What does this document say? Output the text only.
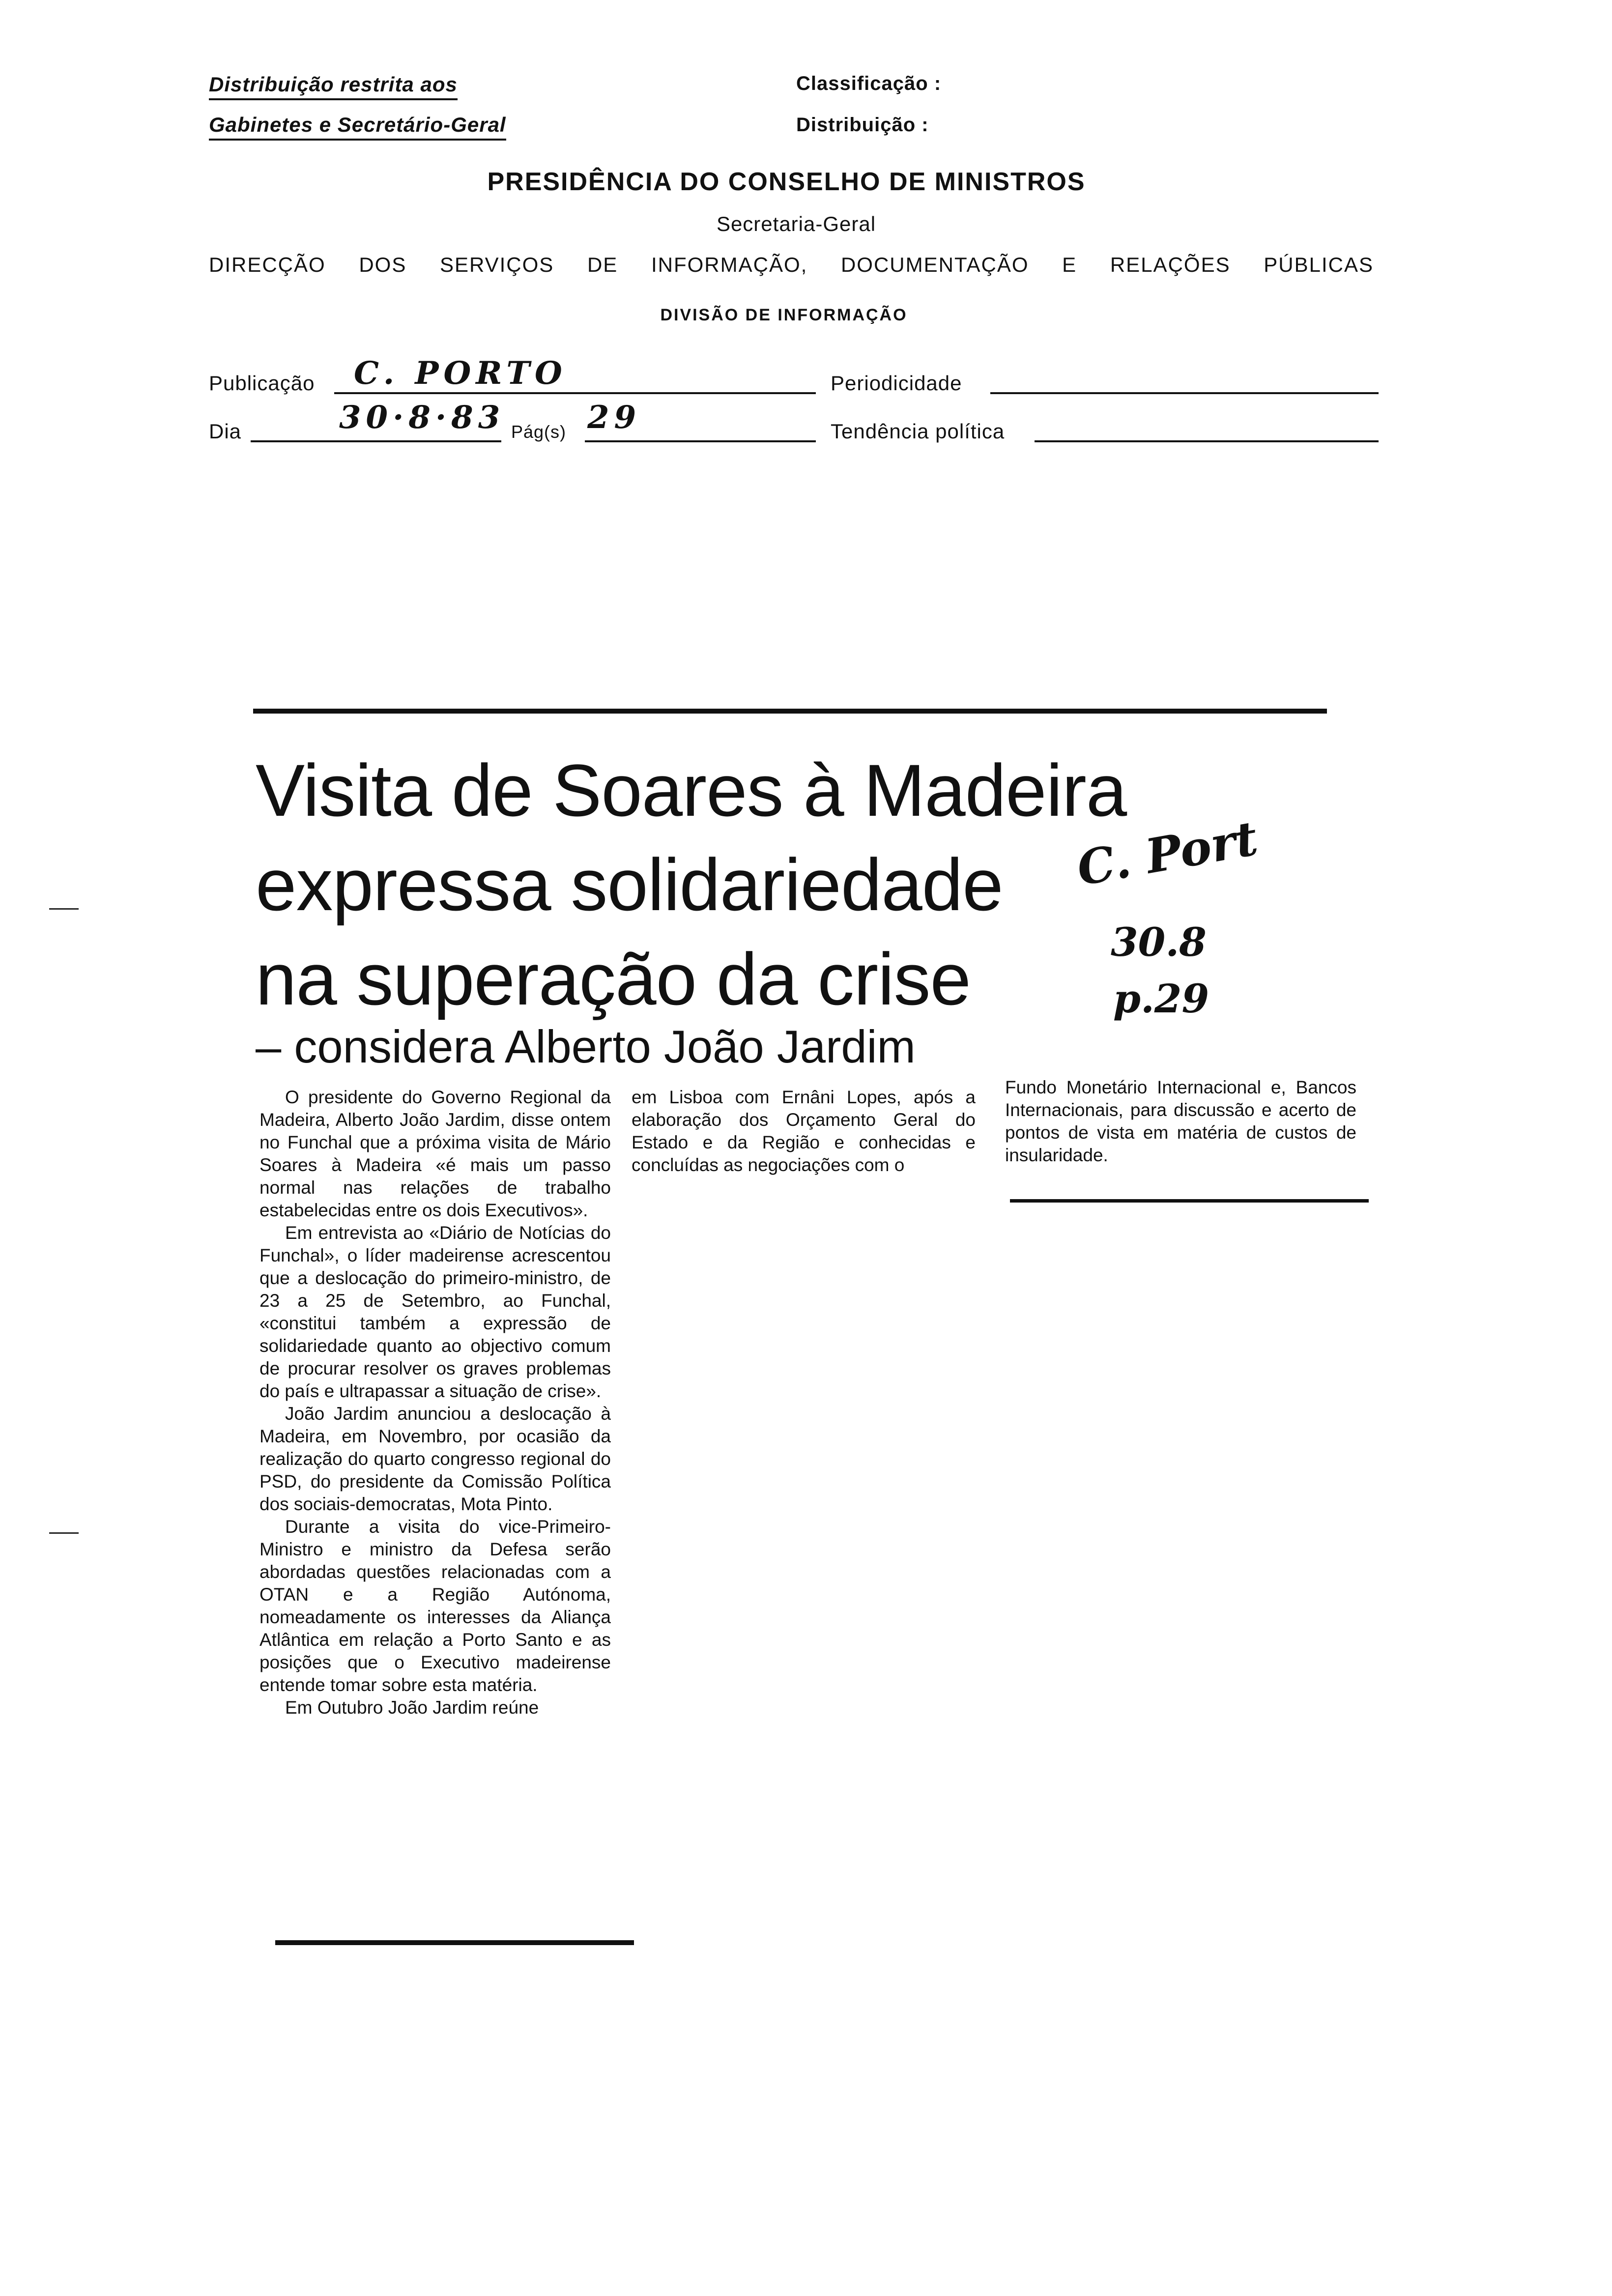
Distribuição restrita aos
Gabinetes e Secretário-Geral
Classificação :
Distribuição :
PRESIDÊNCIA DO CONSELHO DE MINISTROS
Secretaria-Geral
DIRECÇÃO DOS SERVIÇOS DE INFORMAÇÃO, DOCUMENTAÇÃO E RELAÇÕES PÚBLICAS
DIVISÃO DE INFORMAÇÃO
Publicação C. PORTO	Periodicidade
Dia	30·8·83 Pág(s) 29	Tendência política
Visita de Soares à Madeira
expressa solidariedade
na superação da crise
– considera Alberto João Jardim
C. Port
30.8
p.29

O presidente do Governo Regional da Madeira, Alberto João Jardim, disse ontem no Funchal que a próxima visita de Mário Soares à Madeira «é mais um passo normal nas relações de trabalho estabelecidas entre os dois Executivos».

Em entrevista ao «Diário de Notícias do Funchal», o líder madeirense acrescentou que a deslocação do primeiro-ministro, de 23 a 25 de Setembro, ao Funchal, «constitui também a expressão de solidariedade quanto ao objectivo comum de procurar resolver os graves problemas do país e ultrapassar a situação de crise».

João Jardim anunciou a deslocação à Madeira, em Novembro, por ocasião da realização do quarto congresso regional do PSD, do presidente da Comissão Política dos sociais-democratas, Mota Pinto.

Durante a visita do vice-Primeiro-Ministro e ministro da Defesa serão abordadas questões relacionadas com a OTAN e a Região Autónoma, nomeadamente os interesses da Aliança Atlântica em relação a Porto Santo e as posições que o Executivo madeirense entende tomar sobre esta matéria.

Em Outubro João Jardim reúne

em Lisboa com Ernâni Lopes, após a elaboração dos Orçamento Geral do Estado e da Região e conhecidas e concluídas as negociações com o

Fundo Monetário Internacional e, Bancos Internacionais, para discussão e acerto de pontos de vista em matéria de custos de insularidade.
